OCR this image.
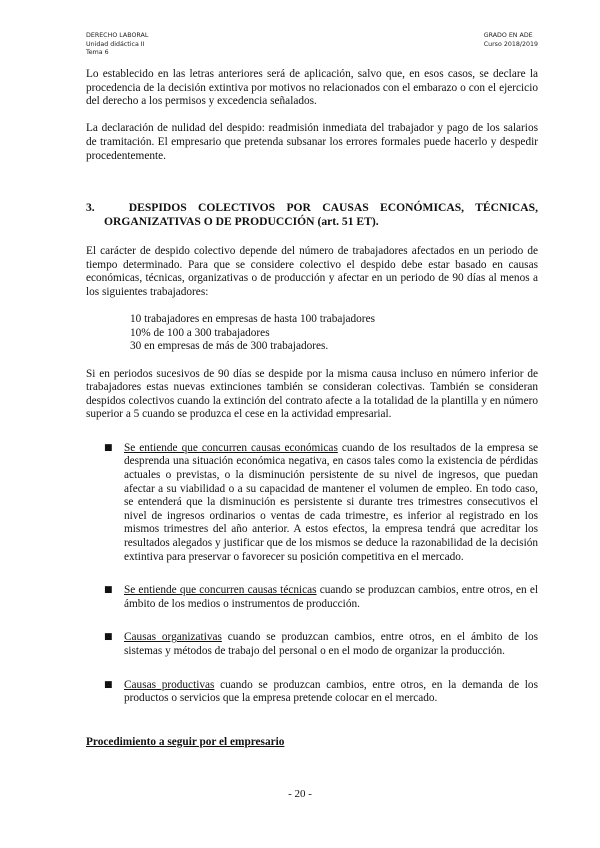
DERECHO LABORAL
Unidad didáctica II
Tema 6
GRADO EN ADE
Curso 2018/2019

Lo establecido en las letras anteriores será de aplicación, salvo que, en esos casos, se declare la procedencia de la decisión extintiva por motivos no relacionados con el embarazo o con el ejercicio del derecho a los permisos y excedencia señalados.

La declaración de nulidad del despido: readmisión inmediata del trabajador y pago de los salarios de tramitación. El empresario que pretenda subsanar los errores formales puede hacerlo y despedir procedentemente.

3.	DESPIDOS COLECTIVOS POR CAUSAS ECONÓMICAS, TÉCNICAS, ORGANIZATIVAS O DE PRODUCCIÓN (art. 51 ET).

El carácter de despido colectivo depende del número de trabajadores afectados en un periodo de tiempo determinado. Para que se considere colectivo el despido debe estar basado en causas económicas, técnicas, organizativas o de producción y afectar en un periodo de 90 días al menos a los siguientes trabajadores:

10 trabajadores en empresas de hasta 100 trabajadores
10% de 100 a 300 trabajadores
30 en empresas de más de 300 trabajadores.

Si en periodos sucesivos de 90 días se despide por la misma causa incluso en número inferior de trabajadores estas nuevas extinciones también se consideran colectivas. También se consideran despidos colectivos cuando la extinción del contrato afecte a la totalidad de la plantilla y en número superior a 5 cuando se produzca el cese en la actividad empresarial.

■ Se entiende que concurren causas económicas cuando de los resultados de la empresa se desprenda una situación económica negativa, en casos tales como la existencia de pérdidas actuales o previstas, o la disminución persistente de su nivel de ingresos, que puedan afectar a su viabilidad o a su capacidad de mantener el volumen de empleo. En todo caso, se entenderá que la disminución es persistente si durante tres trimestres consecutivos el nivel de ingresos ordinarios o ventas de cada trimestre, es inferior al registrado en los mismos trimestres del año anterior. A estos efectos, la empresa tendrá que acreditar los resultados alegados y justificar que de los mismos se deduce la razonabilidad de la decisión extintiva para preservar o favorecer su posición competitiva en el mercado.
■ Se entiende que concurren causas técnicas cuando se produzcan cambios, entre otros, en el ámbito de los medios o instrumentos de producción.
■ Causas organizativas cuando se produzcan cambios, entre otros, en el ámbito de los sistemas y métodos de trabajo del personal o en el modo de organizar la producción.
■ Causas productivas cuando se produzcan cambios, entre otros, en la demanda de los productos o servicios que la empresa pretende colocar en el mercado.

Procedimiento a seguir por el empresario

- 20 -
